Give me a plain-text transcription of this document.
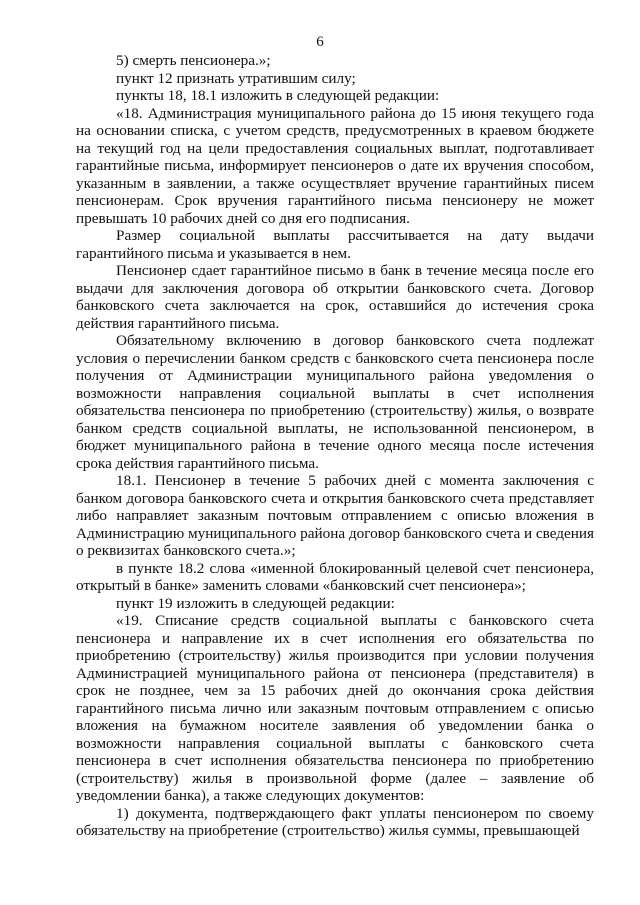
6

5) смерть пенсионера.»;

пункт 12 признать утратившим силу;

пункты 18, 18.1 изложить в следующей редакции:

«18. Администрация муниципального района до 15 июня текущего года на основании списка, с учетом средств, предусмотренных в краевом бюджете на текущий год на цели предоставления социальных выплат, подготавливает гарантийные письма, информирует пенсионеров о дате их вручения способом, указанным в заявлении, а также осуществляет вручение гарантийных писем пенсионерам. Срок вручения гарантийного письма пенсионеру не может превышать 10 рабочих дней со дня его подписания.

Размер социальной выплаты рассчитывается на дату выдачи гарантийного письма и указывается в нем.

Пенсионер сдает гарантийное письмо в банк в течение месяца после его выдачи для заключения договора об открытии банковского счета. Договор банковского счета заключается на срок, оставшийся до истечения срока действия гарантийного письма.

Обязательному включению в договор банковского счета подлежат условия о перечислении банком средств с банковского счета пенсионера после получения от Администрации муниципального района уведомления о возможности направления социальной выплаты в счет исполнения обязательства пенсионера по приобретению (строительству) жилья, о возврате банком средств социальной выплаты, не использованной пенсионером, в бюджет муниципального района в течение одного месяца после истечения срока действия гарантийного письма.

18.1. Пенсионер в течение 5 рабочих дней с момента заключения с банком договора банковского счета и открытия банковского счета представляет либо направляет заказным почтовым отправлением с описью вложения в Администрацию муниципального района договор банковского счета и сведения о реквизитах банковского счета.»;

в пункте 18.2 слова «именной блокированный целевой счет пенсионера, открытый в банке» заменить словами «банковский счет пенсионера»;

пункт 19 изложить в следующей редакции:

«19. Списание средств социальной выплаты с банковского счета пенсионера и направление их в счет исполнения его обязательства по приобретению (строительству) жилья производится при условии получения Администрацией муниципального района от пенсионера (представителя) в срок не позднее, чем за 15 рабочих дней до окончания срока действия гарантийного письма лично или заказным почтовым отправлением с описью вложения на бумажном носителе заявления об уведомлении банка о возможности направления социальной выплаты с банковского счета пенсионера в счет исполнения обязательства пенсионера по приобретению (строительству) жилья в произвольной форме (далее – заявление об уведомлении банка), а также следующих документов:

1) документа, подтверждающего факт уплаты пенсионером по своему обязательству на приобретение (строительство) жилья суммы, превышающей
